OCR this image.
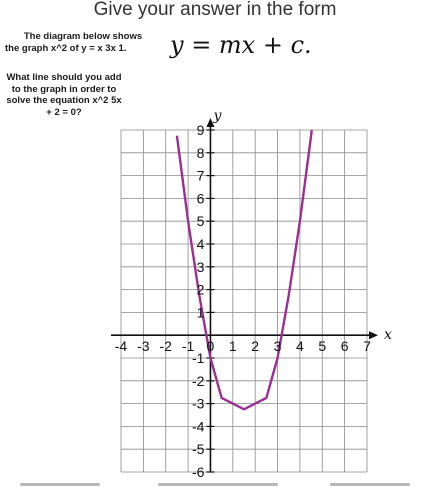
Give your answer in the form
The diagram below shows
the graph x^2 of y = x 3x 1.	y = mx + c.
What line should you add
to the graph in order to
solve the equation x^2 5x
+ 2 = 0?
-4 -3 -2 -1 0 1 2 3 4 5 6 7
-6
-5
-4
-3
-2
-1
1
2
3
4
5
6
7
8
9
x
y
